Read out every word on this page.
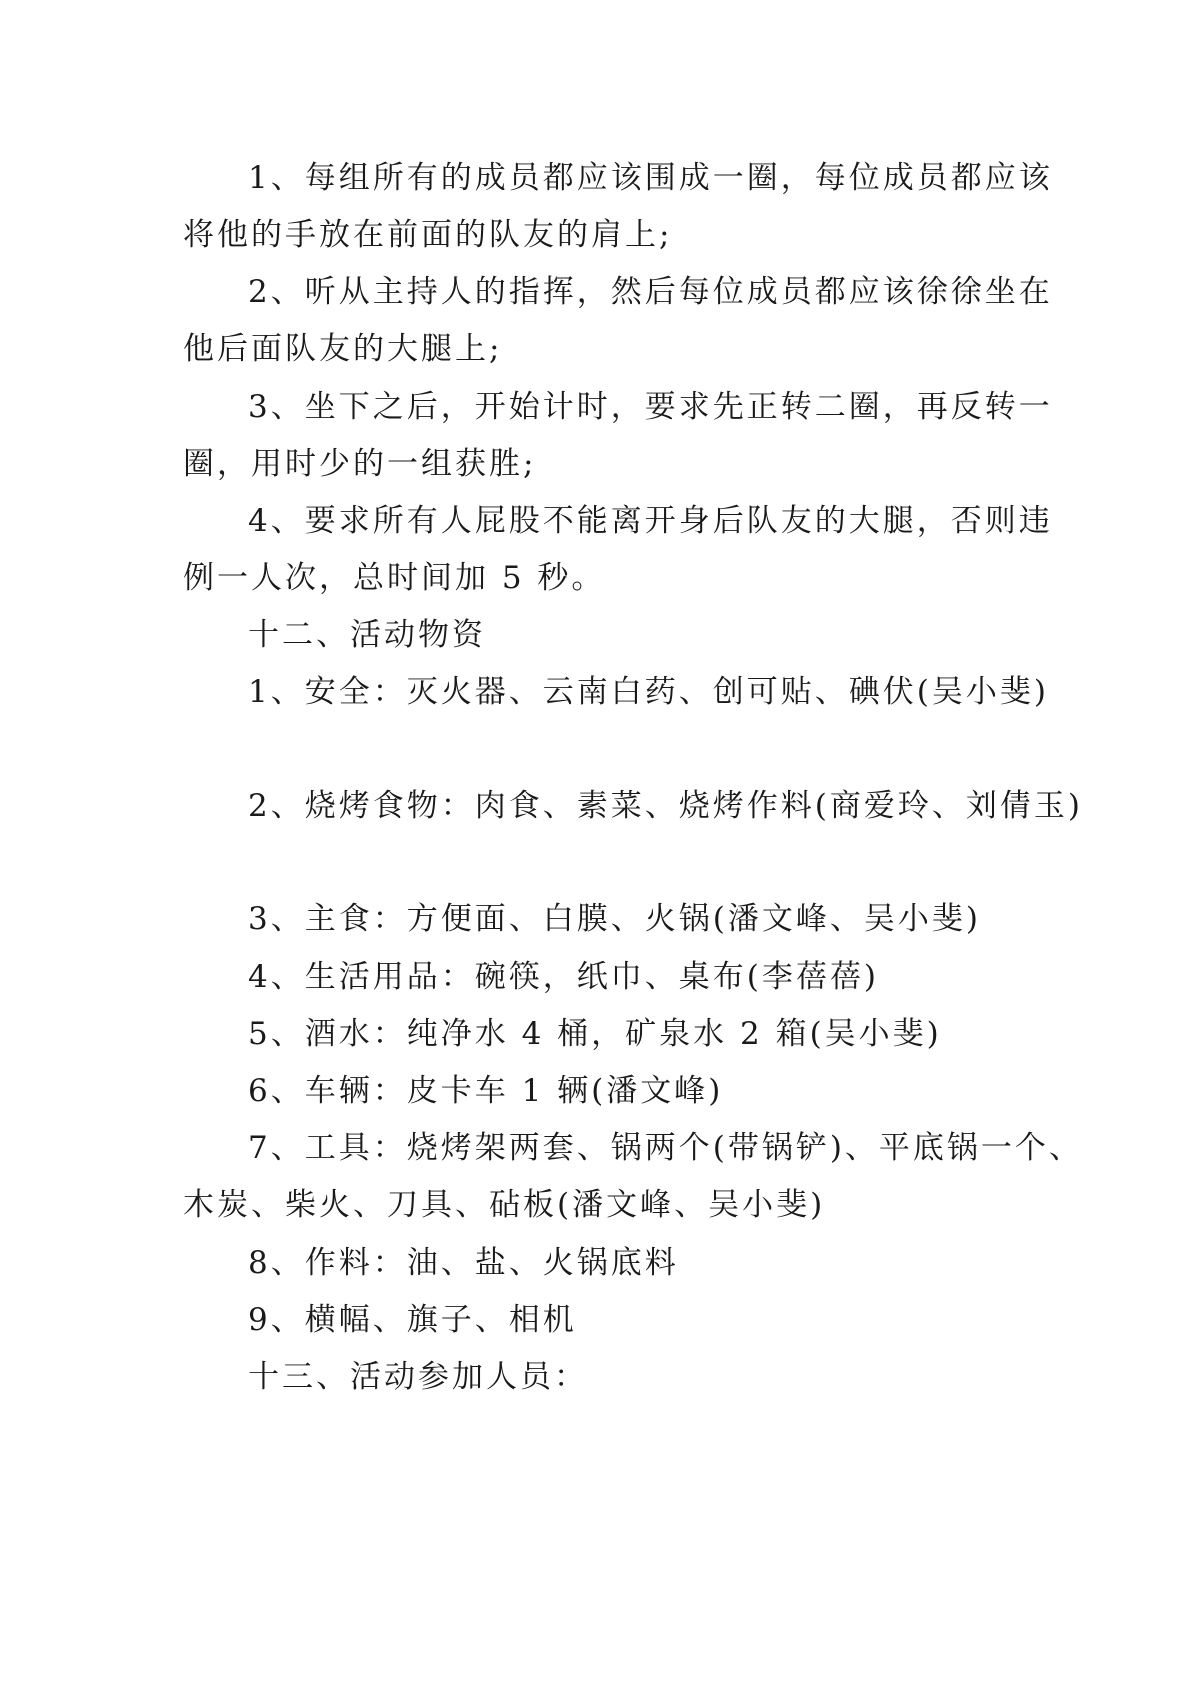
1、每组所有的成员都应该围成一圈，每位成员都应该
将他的手放在前面的队友的肩上;
2、听从主持人的指挥，然后每位成员都应该徐徐坐在
他后面队友的大腿上;
3、坐下之后，开始计时，要求先正转二圈，再反转一
圈，用时少的一组获胜;
4、要求所有人屁股不能离开身后队友的大腿，否则违
例一人次，总时间加 5 秒。
十二、活动物资
1、安全：灭火器、云南白药、创可贴、碘伏(吴小斐)
2、烧烤食物：肉食、素菜、烧烤作料(商爱玲、刘倩玉)
3、主食：方便面、白膜、火锅(潘文峰、吴小斐)
4、生活用品：碗筷，纸巾、桌布(李蓓蓓)
5、酒水：纯净水 4 桶，矿泉水 2 箱(吴小斐)
6、车辆：皮卡车 1 辆(潘文峰)
7、工具：烧烤架两套、锅两个(带锅铲)、平底锅一个、
木炭、柴火、刀具、砧板(潘文峰、吴小斐)
8、作料：油、盐、火锅底料
9、横幅、旗子、相机
十三、活动参加人员：
